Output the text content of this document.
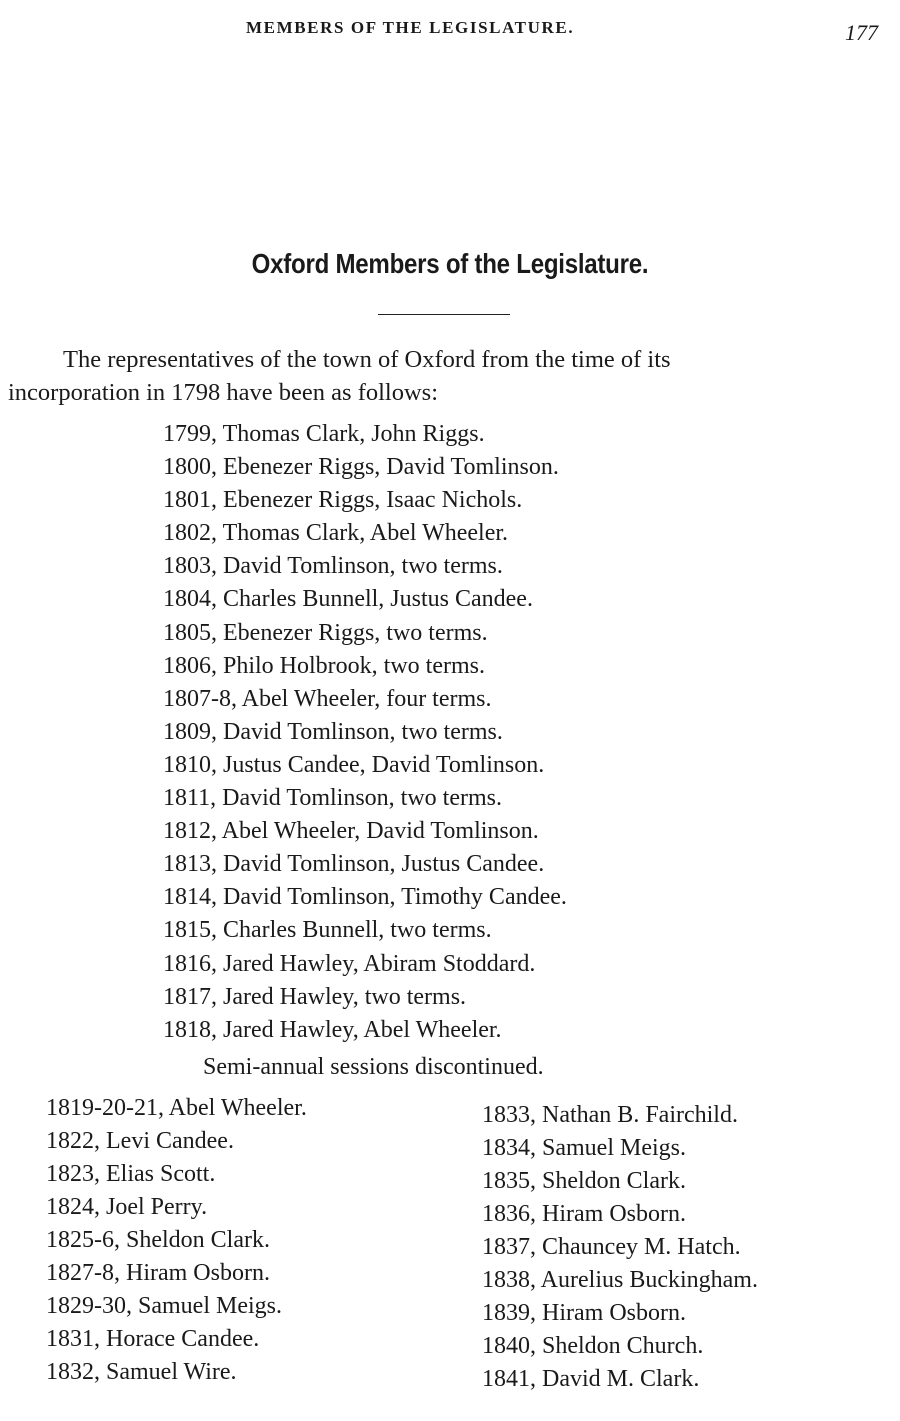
MEMBERS OF THE LEGISLATURE.	177
Oxford Members of the Legislature.
The representatives of the town of Oxford from the time of its
incorporation in 1798 have been as follows:
1799, Thomas Clark, John Riggs.
1800, Ebenezer Riggs, David Tomlinson.
1801, Ebenezer Riggs, Isaac Nichols.
1802, Thomas Clark, Abel Wheeler.
1803, David Tomlinson, two terms.
1804, Charles Bunnell, Justus Candee.
1805, Ebenezer Riggs, two terms.
1806, Philo Holbrook, two terms.
1807-8, Abel Wheeler, four terms.
1809, David Tomlinson, two terms.
1810, Justus Candee, David Tomlinson.
1811, David Tomlinson, two terms.
1812, Abel Wheeler, David Tomlinson.
1813, David Tomlinson, Justus Candee.
1814, David Tomlinson, Timothy Candee.
1815, Charles Bunnell, two terms.
1816, Jared Hawley, Abiram Stoddard.
1817, Jared Hawley, two terms.
1818, Jared Hawley, Abel Wheeler.
Semi-annual sessions discontinued.
1819-20-21, Abel Wheeler.
1822, Levi Candee.
1823, Elias Scott.
1824, Joel Perry.
1825-6, Sheldon Clark.
1827-8, Hiram Osborn.
1829-30, Samuel Meigs.
1831, Horace Candee.
1832, Samuel Wire.
1833, Nathan B. Fairchild.
1834, Samuel Meigs.
1835, Sheldon Clark.
1836, Hiram Osborn.
1837, Chauncey M. Hatch.
1838, Aurelius Buckingham.
1839, Hiram Osborn.
1840, Sheldon Church.
1841, David M. Clark.
